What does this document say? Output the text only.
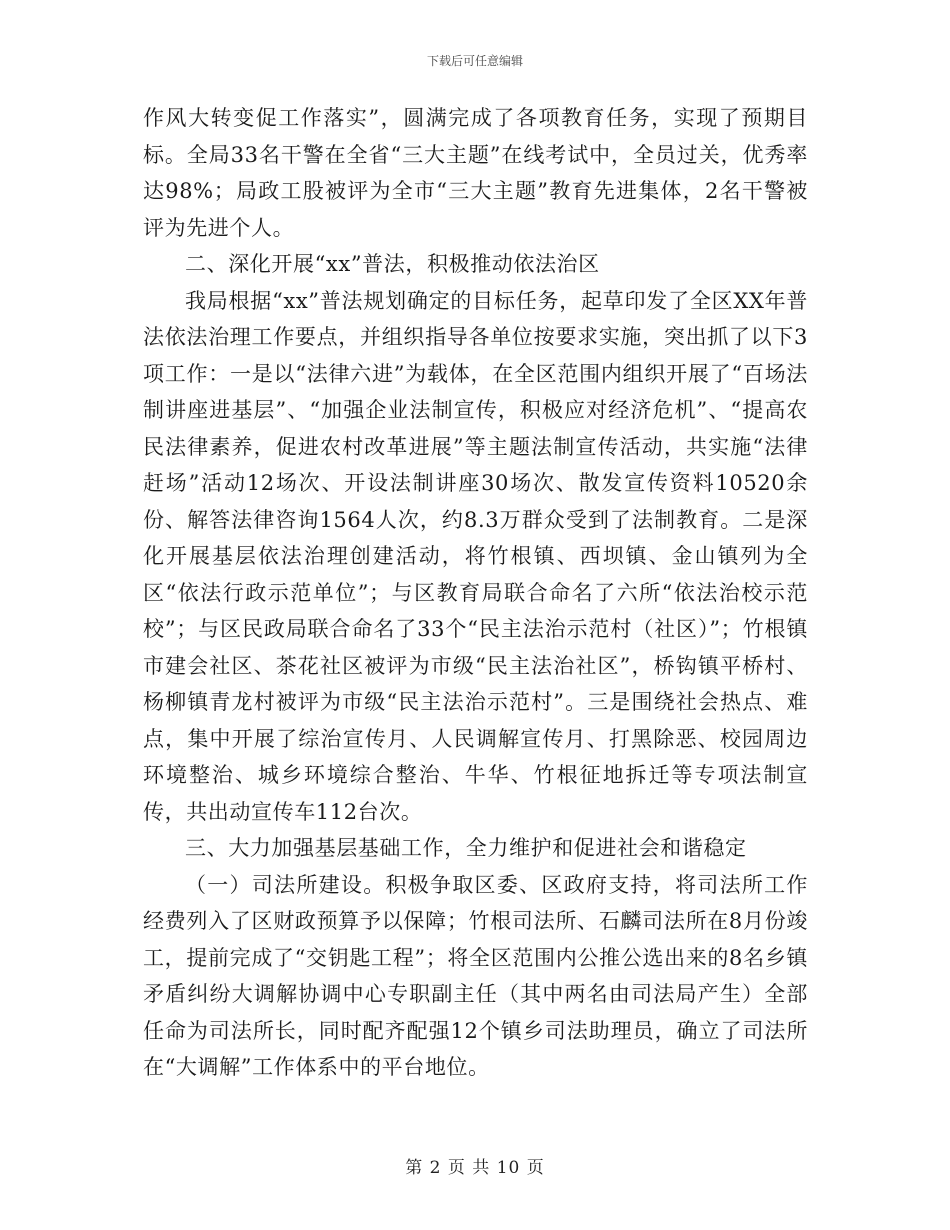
下载后可任意编辑

作风大转变促工作落实”，圆满完成了各项教育任务，实现了预期目标。全局33名干警在全省“三大主题”在线考试中，全员过关，优秀率达98%；局政工股被评为全市“三大主题”教育先进集体，2名干警被评为先进个人。

二、深化开展“xx”普法，积极推动依法治区

我局根据“xx”普法规划确定的目标任务，起草印发了全区XX年普法依法治理工作要点，并组织指导各单位按要求实施，突出抓了以下3项工作：一是以“法律六进”为载体，在全区范围内组织开展了“百场法制讲座进基层”、“加强企业法制宣传，积极应对经济危机”、“提高农民法律素养，促进农村改革进展”等主题法制宣传活动，共实施“法律赶场”活动12场次、开设法制讲座30场次、散发宣传资料10520余份、解答法律咨询1564人次，约8.3万群众受到了法制教育。二是深化开展基层依法治理创建活动，将竹根镇、西坝镇、金山镇列为全区“依法行政示范单位”；与区教育局联合命名了六所“依法治校示范校”；与区民政局联合命名了33个“民主法治示范村（社区）”；竹根镇市建会社区、茶花社区被评为市级“民主法治社区”，桥钩镇平桥村、杨柳镇青龙村被评为市级“民主法治示范村”。三是围绕社会热点、难点，集中开展了综治宣传月、人民调解宣传月、打黑除恶、校园周边环境整治、城乡环境综合整治、牛华、竹根征地拆迁等专项法制宣传，共出动宣传车112台次。

三、大力加强基层基础工作，全力维护和促进社会和谐稳定

（一）司法所建设。积极争取区委、区政府支持，将司法所工作经费列入了区财政预算予以保障；竹根司法所、石麟司法所在8月份竣工，提前完成了“交钥匙工程”；将全区范围内公推公选出来的8名乡镇矛盾纠纷大调解协调中心专职副主任（其中两名由司法局产生）全部任命为司法所长，同时配齐配强12个镇乡司法助理员，确立了司法所在“大调解”工作体系中的平台地位。

第 2 页 共 10 页
